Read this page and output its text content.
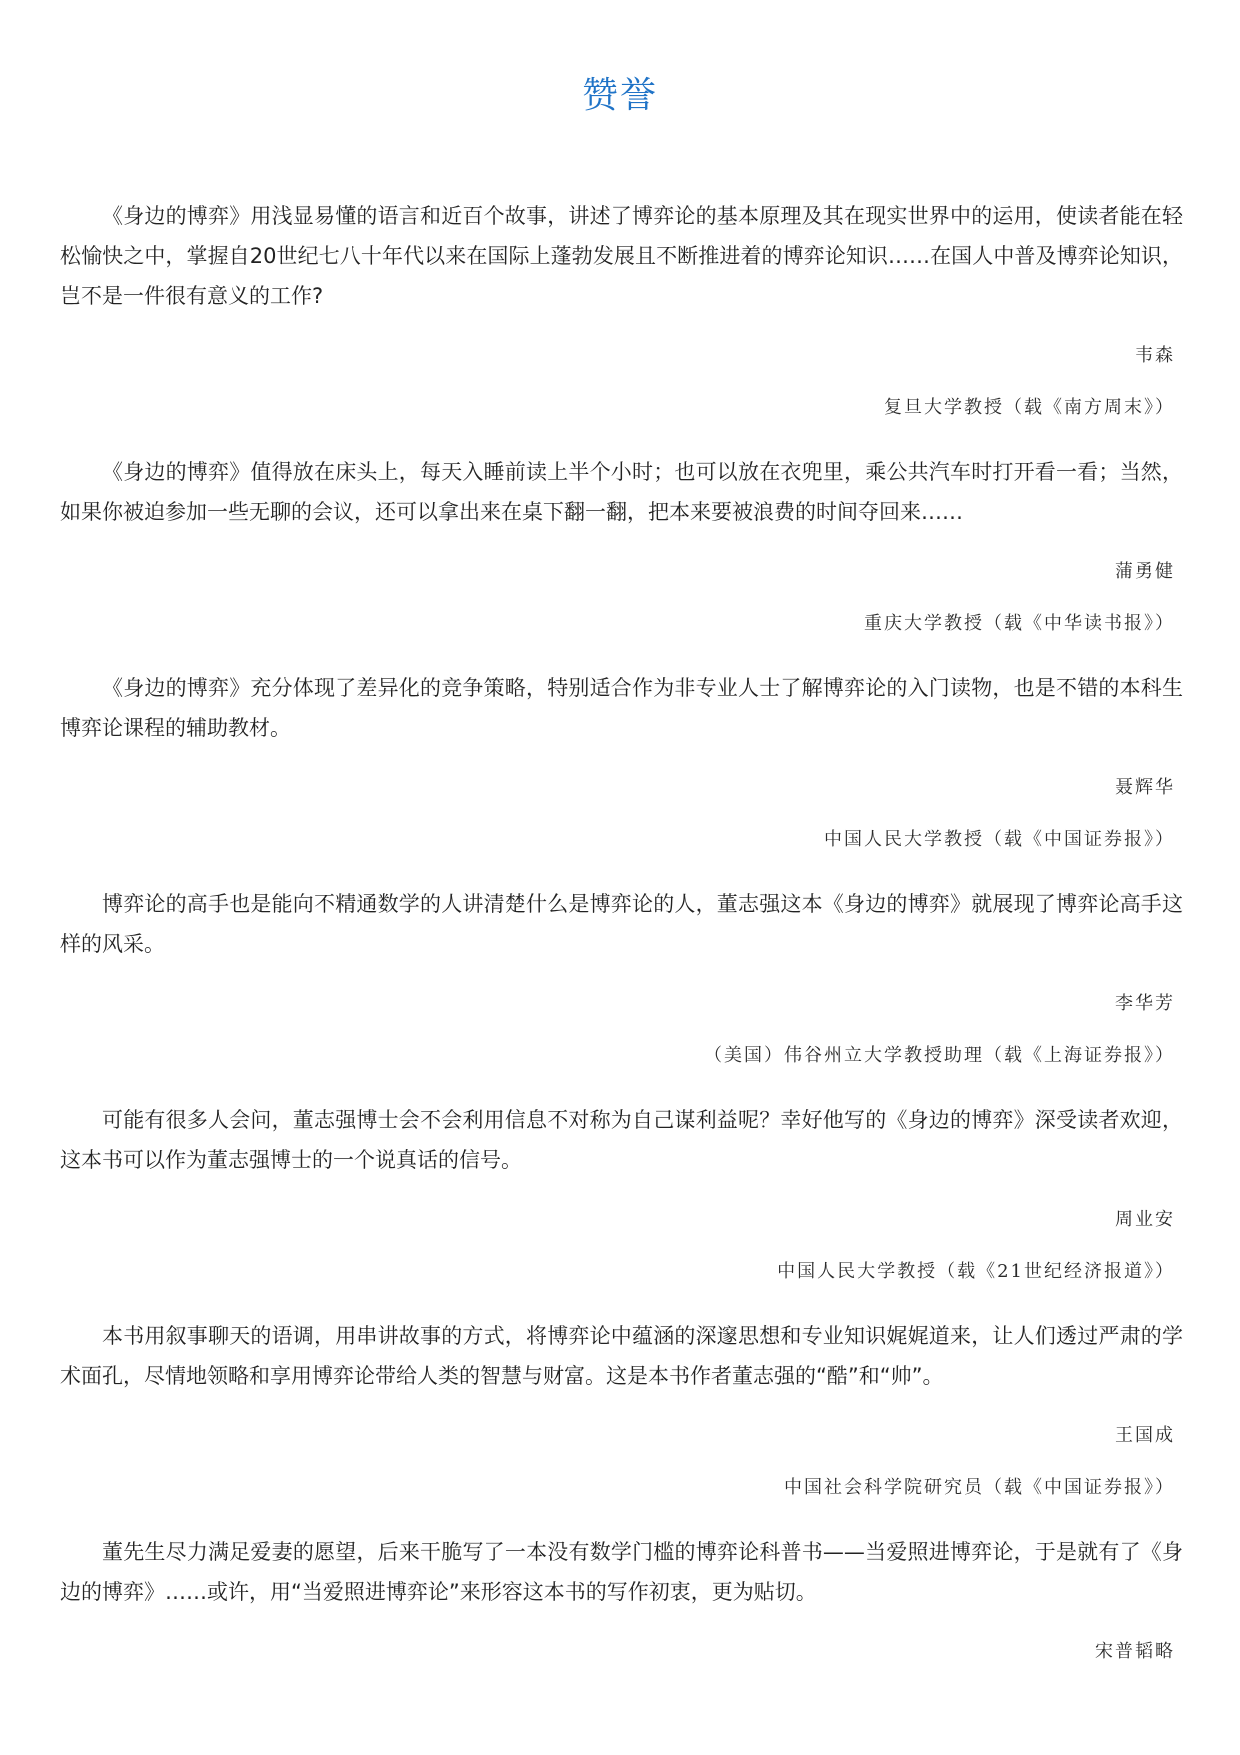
赞誉

《身边的博弈》用浅显易懂的语言和近百个故事，讲述了博弈论的基本原理及其在现实世界中的运用，使读者能在轻松愉快之中，掌握自20世纪七八十年代以来在国际上蓬勃发展且不断推进着的博弈论知识……在国人中普及博弈论知识，岂不是一件很有意义的工作?

韦森

复旦大学教授（载《南方周末》）

《身边的博弈》值得放在床头上，每天入睡前读上半个小时；也可以放在衣兜里，乘公共汽车时打开看一看；当然，如果你被迫参加一些无聊的会议，还可以拿出来在桌下翻一翻，把本来要被浪费的时间夺回来……

蒲勇健

重庆大学教授（载《中华读书报》）

《身边的博弈》充分体现了差异化的竞争策略，特别适合作为非专业人士了解博弈论的入门读物，也是不错的本科生博弈论课程的辅助教材。

聂辉华

中国人民大学教授（载《中国证券报》）

博弈论的高手也是能向不精通数学的人讲清楚什么是博弈论的人，董志强这本《身边的博弈》就展现了博弈论高手这样的风采。

李华芳

（美国）伟谷州立大学教授助理（载《上海证券报》）

可能有很多人会问，董志强博士会不会利用信息不对称为自己谋利益呢？幸好他写的《身边的博弈》深受读者欢迎，这本书可以作为董志强博士的一个说真话的信号。

周业安

中国人民大学教授（载《21世纪经济报道》）

本书用叙事聊天的语调，用串讲故事的方式，将博弈论中蕴涵的深邃思想和专业知识娓娓道来，让人们透过严肃的学术面孔，尽情地领略和享用博弈论带给人类的智慧与财富。这是本书作者董志强的“酷”和“帅”。

王国成

中国社会科学院研究员（载《中国证券报》）

董先生尽力满足爱妻的愿望，后来干脆写了一本没有数学门槛的博弈论科普书——当爱照进博弈论，于是就有了《身边的博弈》……或许，用“当爱照进博弈论”来形容这本书的写作初衷，更为贴切。

宋普韬略
